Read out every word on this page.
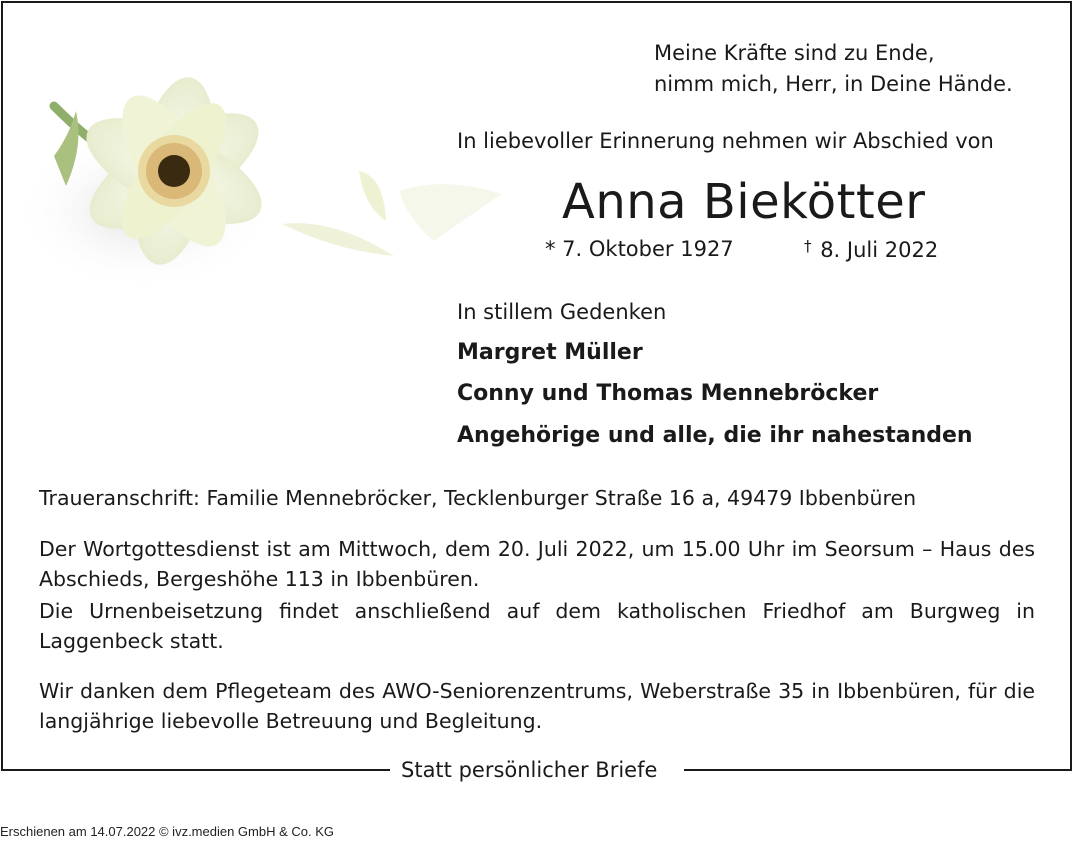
Meine Kräfte sind zu Ende,
nimm mich, Herr, in Deine Hände.
In liebevoller Erinnerung nehmen wir Abschied von
Anna Biekötter
* 7. Oktober 1927	† 8. Juli 2022
In stillem Gedenken
Margret Müller
Conny und Thomas Mennebröcker
Angehörige und alle, die ihr nahestanden
Traueranschrift: Familie Mennebröcker, Tecklenburger Straße 16 a, 49479 Ibbenbüren
Der Wortgottesdienst ist am Mittwoch, dem 20. Juli 2022, um 15.00 Uhr im Seorsum – Haus des Abschieds, Bergeshöhe 113 in Ibbenbüren.
Die Urnenbeisetzung findet anschließend auf dem katholischen Friedhof am Burgweg in Laggenbeck statt.
Wir danken dem Pflegeteam des AWO-Seniorenzentrums, Weberstraße 35 in Ibbenbüren, für die langjährige liebevolle Betreuung und Begleitung.
Statt persönlicher Briefe
Erschienen am 14.07.2022 © ivz.medien GmbH & Co. KG
